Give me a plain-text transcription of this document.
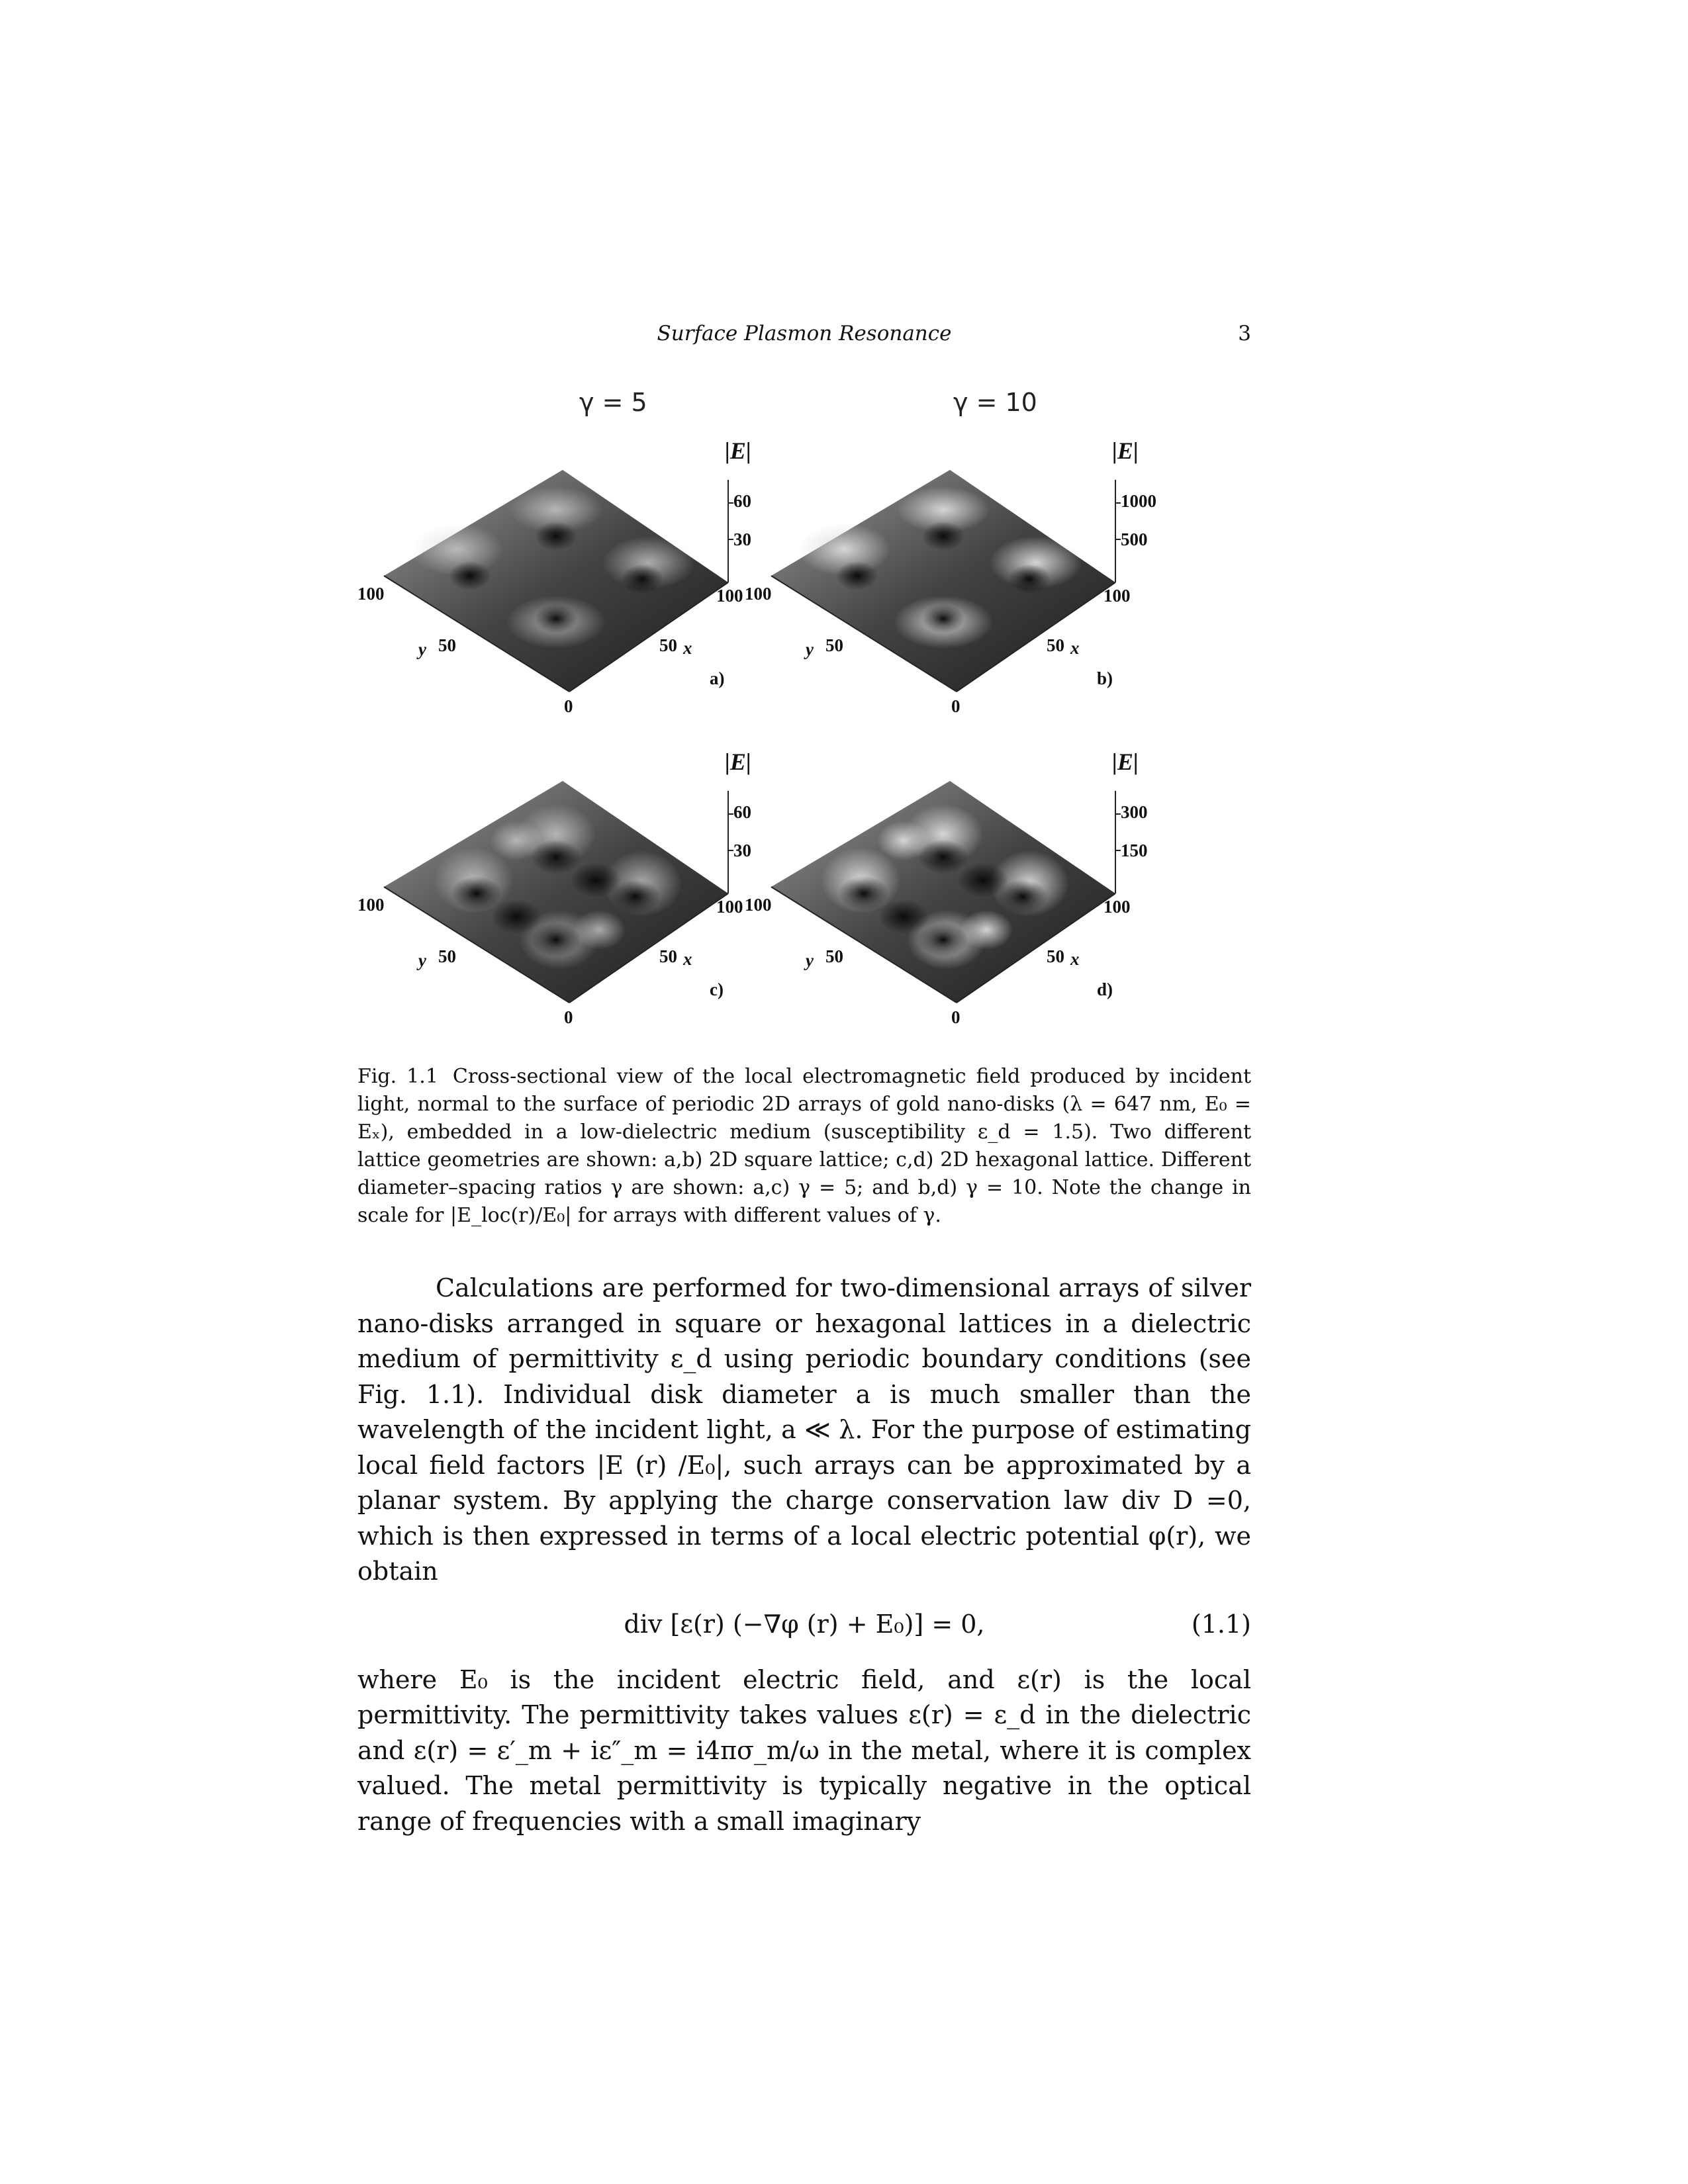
Surface Plasmon Resonance	3
γ = 5	γ = 10
|E|
60
30
100	100
y 50	50 x
0
a)
|E|
1000
500
100	100
y 50	50 x
0
b)
|E|
60
30
100	100
y 50	50 x
0
c)
|E|
300
150
100	100
y 50	50 x
0
d)
Fig. 1.1 Cross-sectional view of the local electromagnetic field produced by incident light, normal to the surface of periodic 2D arrays of gold nano-disks (λ = 647 nm, E₀ = Eₓ), embedded in a low-dielectric medium (susceptibility ε_d = 1.5). Two different lattice geometries are shown: a,b) 2D square lattice; c,d) 2D hexagonal lattice. Different diameter–spacing ratios γ are shown: a,c) γ = 5; and b,d) γ = 10. Note the change in scale for |E_loc(r)/E₀| for arrays with different values of γ.

Calculations are performed for two-dimensional arrays of silver nano-disks arranged in square or hexagonal lattices in a dielectric medium of permittivity ε_d using periodic boundary conditions (see Fig. 1.1). Individual disk diameter a is much smaller than the wavelength of the incident light, a ≪ λ. For the purpose of estimating local field factors |E (r) /E₀|, such arrays can be approximated by a planar system. By applying the charge conservation law div D =0, which is then expressed in terms of a local electric potential φ(r), we obtain

div [ε(r) (−∇φ (r) + E₀)] = 0,	(1.1)

where E₀ is the incident electric field, and ε(r) is the local permittivity. The permittivity takes values ε(r) = ε_d in the dielectric and ε(r) = ε′_m + iε″_m = i4πσ_m/ω in the metal, where it is complex valued. The metal permittivity is typically negative in the optical range of frequencies with a small imaginary
